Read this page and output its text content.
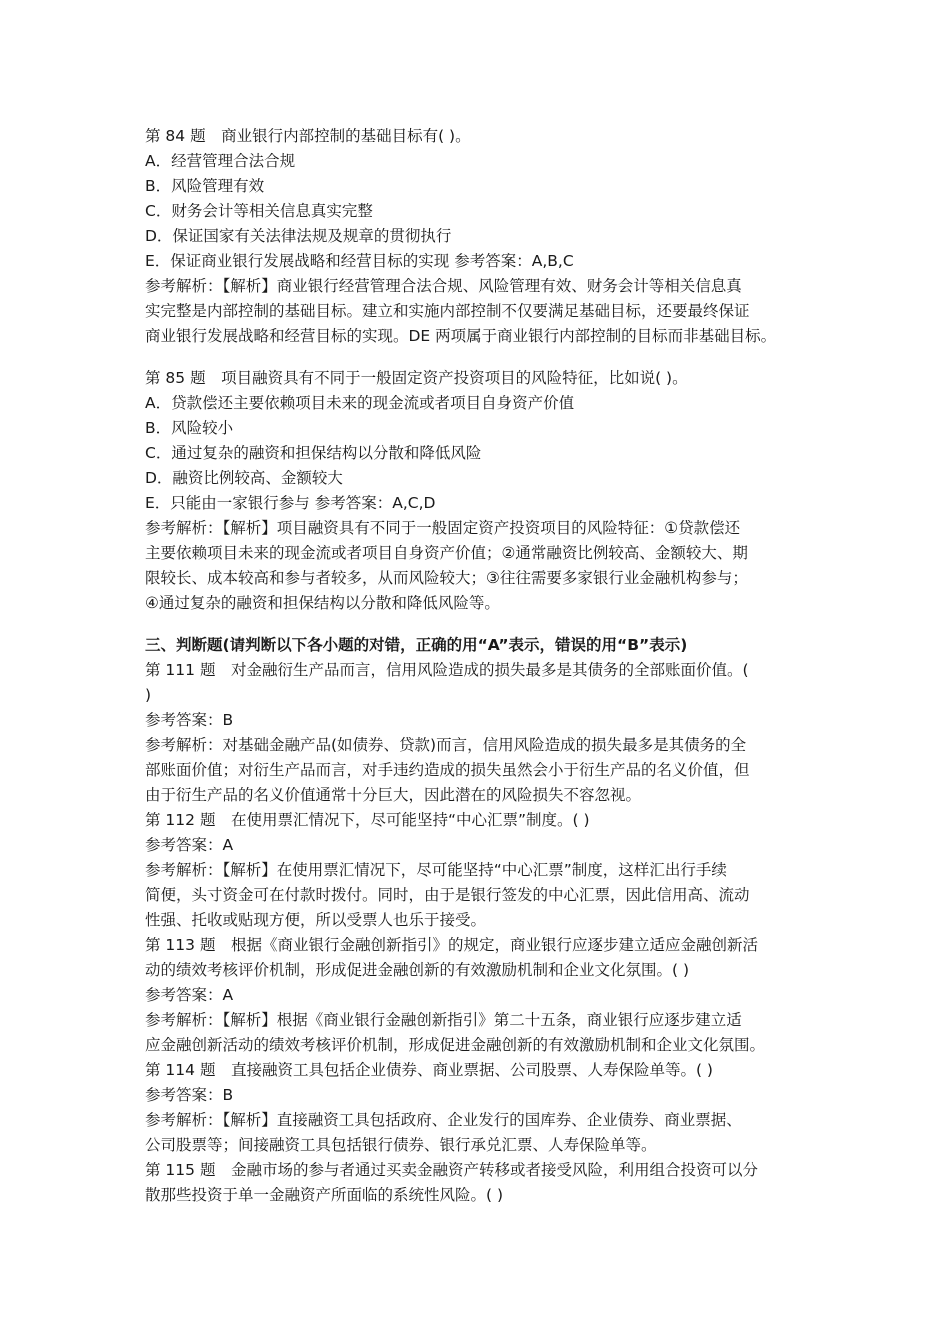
第 84 题　商业银行内部控制的基础目标有( )。
A．经营管理合法合规
B．风险管理有效
C．财务会计等相关信息真实完整
D．保证国家有关法律法规及规章的贯彻执行
E．保证商业银行发展战略和经营目标的实现 参考答案：A,B,C
参考解析：【解析】商业银行经营管理合法合规、风险管理有效、财务会计等相关信息真
实完整是内部控制的基础目标。建立和实施内部控制不仅要满足基础目标，还要最终保证
商业银行发展战略和经营目标的实现。DE 两项属于商业银行内部控制的目标而非基础目标。
第 85 题　项目融资具有不同于一般固定资产投资项目的风险特征，比如说( )。
A．贷款偿还主要依赖项目未来的现金流或者项目自身资产价值
B．风险较小
C．通过复杂的融资和担保结构以分散和降低风险
D．融资比例较高、金额较大
E．只能由一家银行参与 参考答案：A,C,D
参考解析：【解析】项目融资具有不同于一般固定资产投资项目的风险特征：①贷款偿还
主要依赖项目未来的现金流或者项目自身资产价值；②通常融资比例较高、金额较大、期
限较长、成本较高和参与者较多，从而风险较大；③往往需要多家银行业金融机构参与；
④通过复杂的融资和担保结构以分散和降低风险等。
三、判断题(请判断以下各小题的对错，正确的用“A”表示，错误的用“B”表示)
第 111 题　对金融衍生产品而言，信用风险造成的损失最多是其债务的全部账面价值。(
)
参考答案：B
参考解析：对基础金融产品(如债券、贷款)而言，信用风险造成的损失最多是其债务的全
部账面价值；对衍生产品而言，对手违约造成的损失虽然会小于衍生产品的名义价值，但
由于衍生产品的名义价值通常十分巨大，因此潜在的风险损失不容忽视。
第 112 题　在使用票汇情况下，尽可能坚持“中心汇票”制度。( )
参考答案：A
参考解析：【解析】在使用票汇情况下，尽可能坚持“中心汇票”制度，这样汇出行手续
简便，头寸资金可在付款时拨付。同时，由于是银行签发的中心汇票，因此信用高、流动
性强、托收或贴现方便，所以受票人也乐于接受。
第 113 题　根据《商业银行金融创新指引》的规定，商业银行应逐步建立适应金融创新活
动的绩效考核评价机制，形成促进金融创新的有效激励机制和企业文化氛围。( )
参考答案：A
参考解析：【解析】根据《商业银行金融创新指引》第二十五条，商业银行应逐步建立适
应金融创新活动的绩效考核评价机制，形成促进金融创新的有效激励机制和企业文化氛围。
第 114 题　直接融资工具包括企业债券、商业票据、公司股票、人寿保险单等。( )
参考答案：B
参考解析：【解析】直接融资工具包括政府、企业发行的国库券、企业债券、商业票据、
公司股票等；间接融资工具包括银行债券、银行承兑汇票、人寿保险单等。
第 115 题　金融市场的参与者通过买卖金融资产转移或者接受风险，利用组合投资可以分
散那些投资于单一金融资产所面临的系统性风险。( )
